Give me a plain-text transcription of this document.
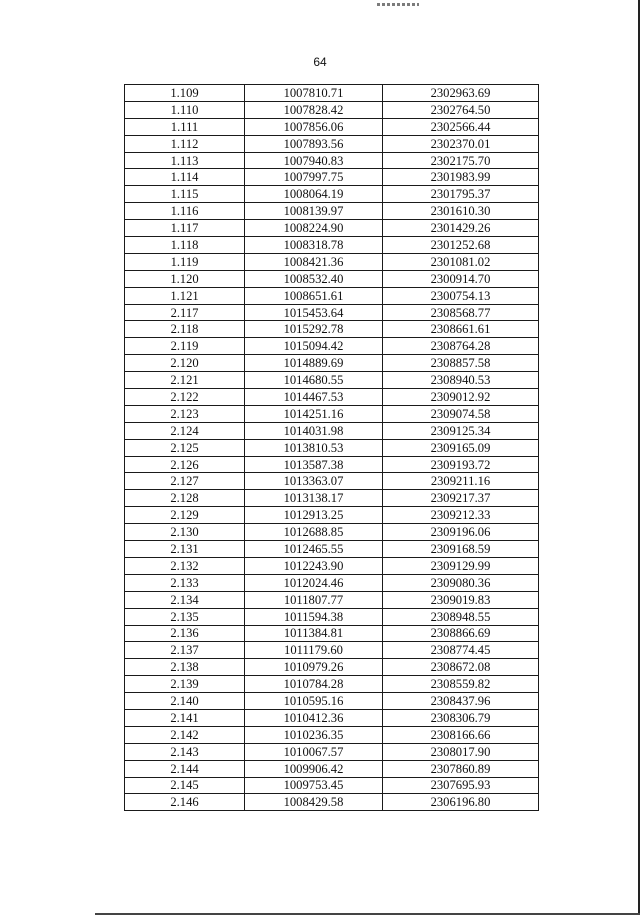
64
1.109	1007810.71	2302963.69
1.110	1007828.42	2302764.50
1.111	1007856.06	2302566.44
1.112	1007893.56	2302370.01
1.113	1007940.83	2302175.70
1.114	1007997.75	2301983.99
1.115	1008064.19	2301795.37
1.116	1008139.97	2301610.30
1.117	1008224.90	2301429.26
1.118	1008318.78	2301252.68
1.119	1008421.36	2301081.02
1.120	1008532.40	2300914.70
1.121	1008651.61	2300754.13
2.117	1015453.64	2308568.77
2.118	1015292.78	2308661.61
2.119	1015094.42	2308764.28
2.120	1014889.69	2308857.58
2.121	1014680.55	2308940.53
2.122	1014467.53	2309012.92
2.123	1014251.16	2309074.58
2.124	1014031.98	2309125.34
2.125	1013810.53	2309165.09
2.126	1013587.38	2309193.72
2.127	1013363.07	2309211.16
2.128	1013138.17	2309217.37
2.129	1012913.25	2309212.33
2.130	1012688.85	2309196.06
2.131	1012465.55	2309168.59
2.132	1012243.90	2309129.99
2.133	1012024.46	2309080.36
2.134	1011807.77	2309019.83
2.135	1011594.38	2308948.55
2.136	1011384.81	2308866.69
2.137	1011179.60	2308774.45
2.138	1010979.26	2308672.08
2.139	1010784.28	2308559.82
2.140	1010595.16	2308437.96
2.141	1010412.36	2308306.79
2.142	1010236.35	2308166.66
2.143	1010067.57	2308017.90
2.144	1009906.42	2307860.89
2.145	1009753.45	2307695.93
2.146	1008429.58	2306196.80
